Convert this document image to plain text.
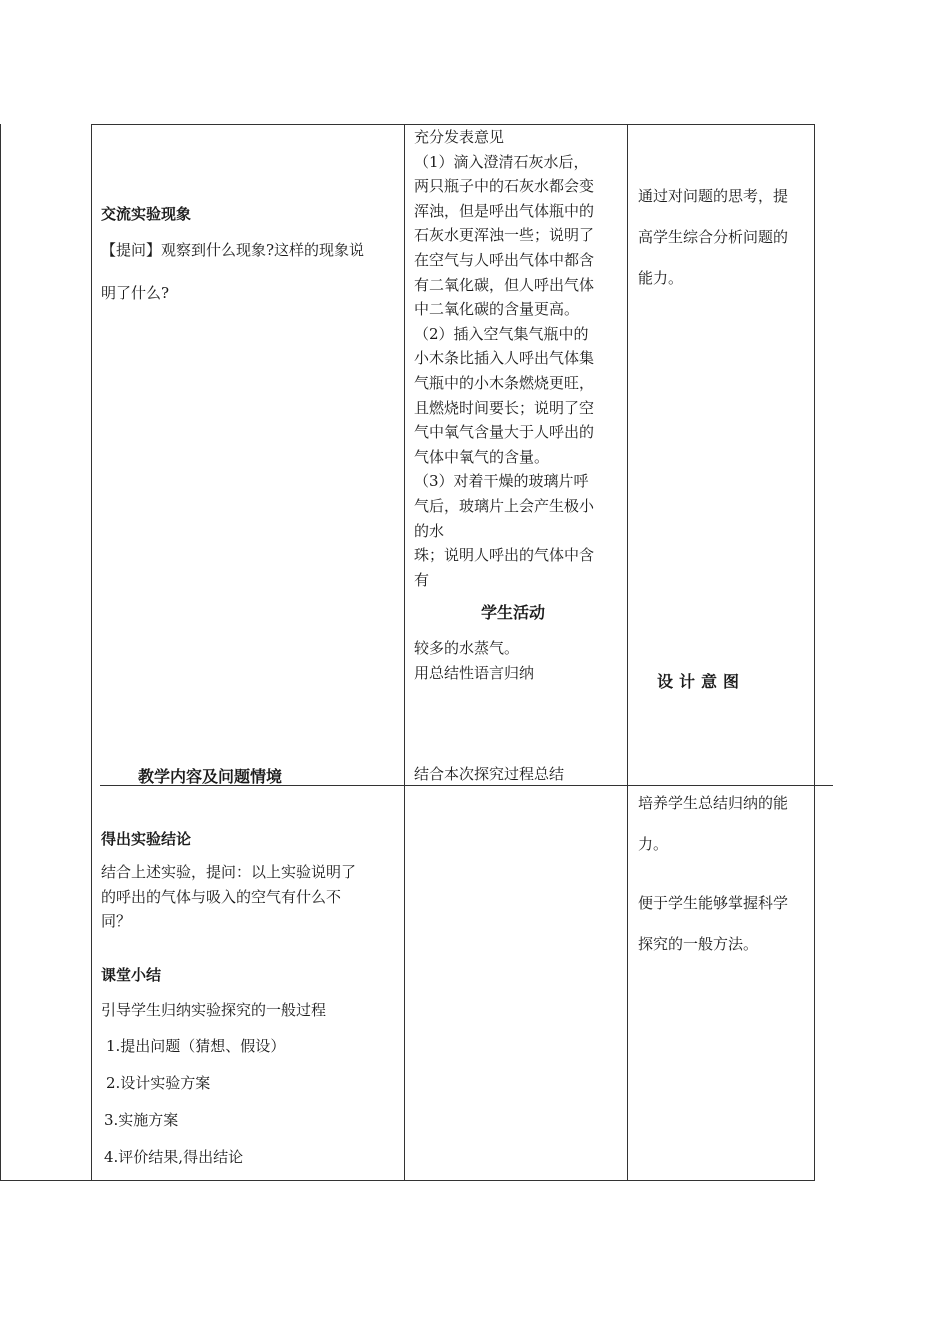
交流实验现象
【提问】观察到什么现象?这样的现象说
明了什么?
教学内容及问题情境
得出实验结论
结合上述实验，提问：以上实验说明了
的呼出的气体与吸入的空气有什么不
同？
课堂小结
引导学生归纳实验探究的一般过程
1.提出问题（猜想、假设）
2.设计实验方案
3.实施方案
4.评价结果,得出结论
充分发表意见
（1）滴入澄清石灰水后，
两只瓶子中的石灰水都会变
浑浊，但是呼出气体瓶中的
石灰水更浑浊一些；说明了
在空气与人呼出气体中都含
有二氧化碳，但人呼出气体
中二氧化碳的含量更高。
（2）插入空气集气瓶中的
小木条比插入人呼出气体集
气瓶中的小木条燃烧更旺，
且燃烧时间要长；说明了空
气中氧气含量大于人呼出的
气体中氧气的含量。
（3）对着干燥的玻璃片呼
气后，玻璃片上会产生极小
的水
珠；说明人呼出的气体中含
有
学生活动
较多的水蒸气。
用总结性语言归纳
结合本次探究过程总结
通过对问题的思考，提
高学生综合分析问题的
能力。
设计意图
培养学生总结归纳的能
力。
便于学生能够掌握科学
探究的一般方法。
